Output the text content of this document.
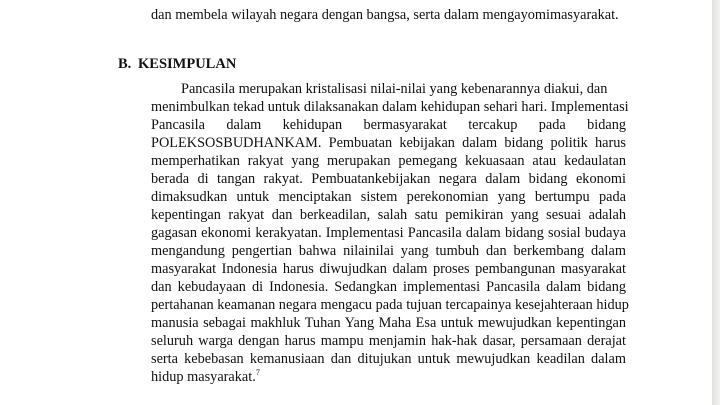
dan membela wilayah negara dengan bangsa, serta dalam mengayomimasyarakat.
B. KESIMPULAN
Pancasila merupakan kristalisasi nilai-nilai yang kebenarannya diakui, dan
menimbulkan tekad untuk dilaksanakan dalam kehidupan sehari hari. Implementasi
Pancasila dalam kehidupan bermasyarakat tercakup pada bidang
POLEKSOSBUDHANKAM. Pembuatan kebijakan dalam bidang politik harus
memperhatikan rakyat yang merupakan pemegang kekuasaan atau kedaulatan
berada di tangan rakyat. Pembuatankebijakan negara dalam bidang ekonomi
dimaksudkan untuk menciptakan sistem perekonomian yang bertumpu pada
kepentingan rakyat dan berkeadilan, salah satu pemikiran yang sesuai adalah
gagasan ekonomi kerakyatan. Implementasi Pancasila dalam bidang sosial budaya
mengandung pengertian bahwa nilainilai yang tumbuh dan berkembang dalam
masyarakat Indonesia harus diwujudkan dalam proses pembangunan masyarakat
dan kebudayaan di Indonesia. Sedangkan implementasi Pancasila dalam bidang
pertahanan keamanan negara mengacu pada tujuan tercapainya kesejahteraan hidup
manusia sebagai makhluk Tuhan Yang Maha Esa untuk mewujudkan kepentingan
seluruh warga dengan harus mampu menjamin hak-hak dasar, persamaan derajat
serta kebebasan kemanusiaan dan ditujukan untuk mewujudkan keadilan dalam
hidup masyarakat.$^7$
